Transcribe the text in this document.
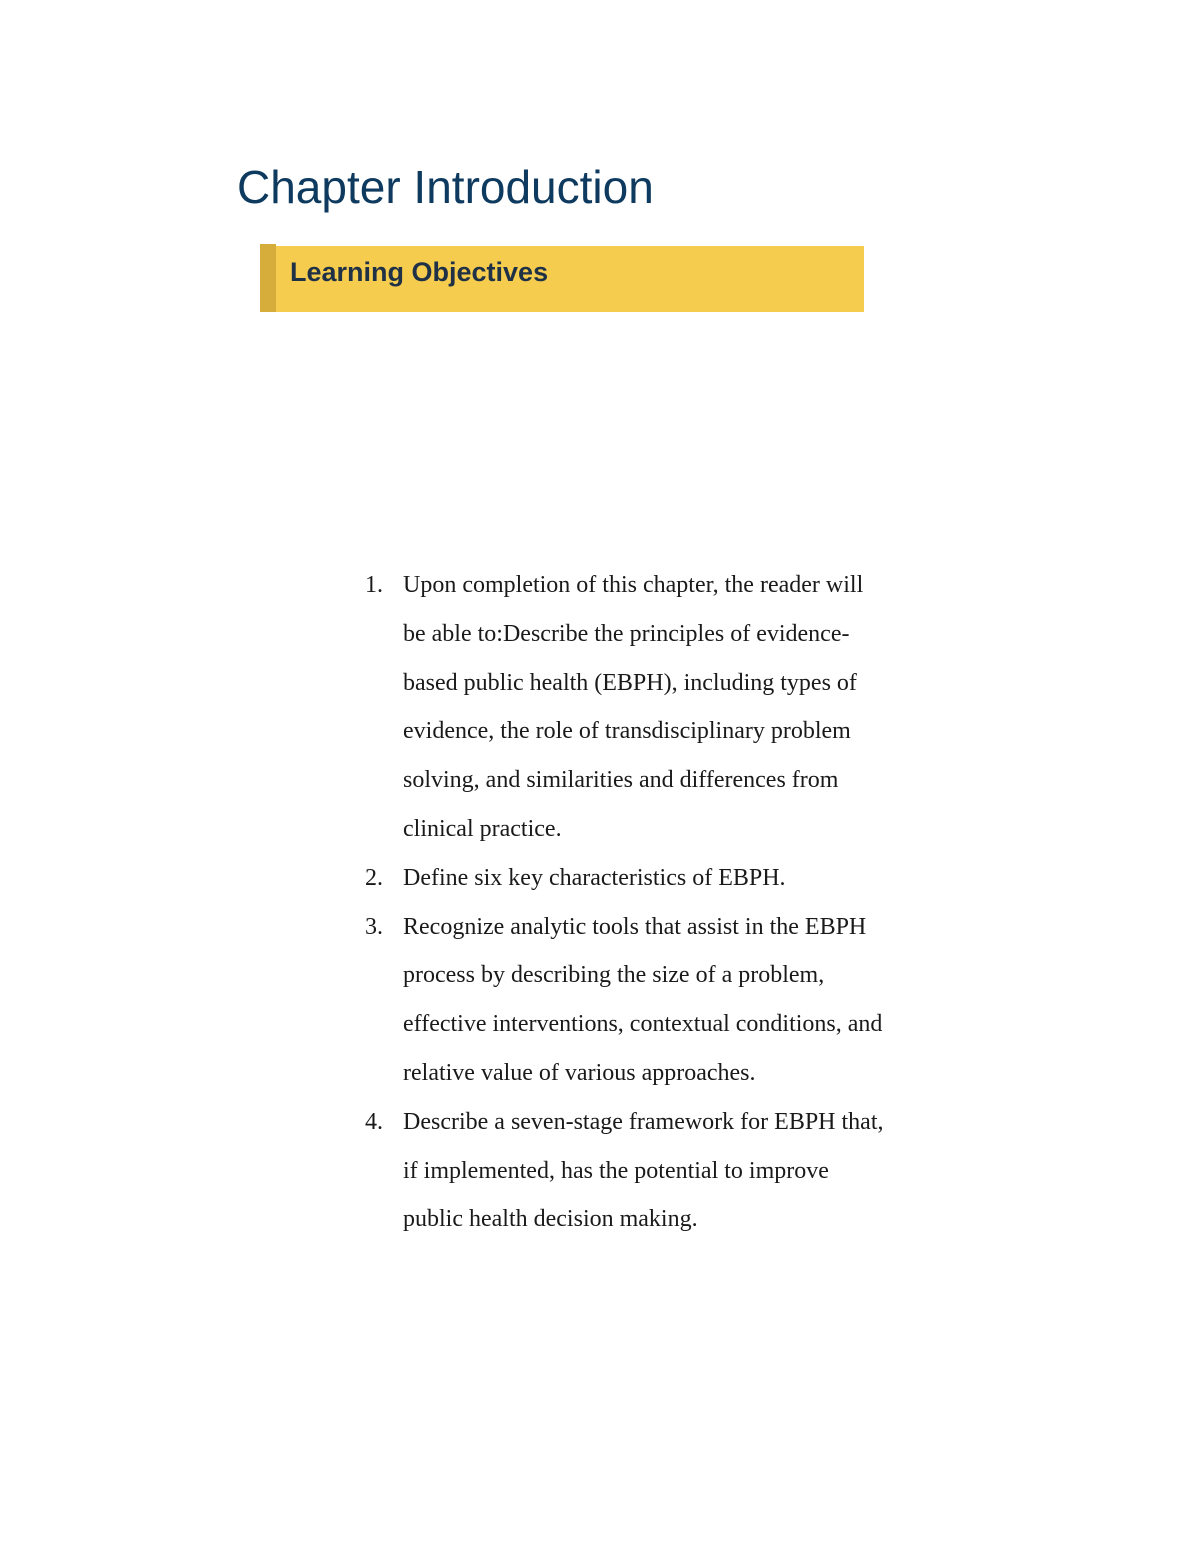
Chapter Introduction
Learning Objectives
1. Upon completion of this chapter, the reader will be able to:Describe the principles of evidence-based public health (EBPH), including types of evidence, the role of transdisciplinary problem solving, and similarities and differences from clinical practice.
2. Define six key characteristics of EBPH.
3. Recognize analytic tools that assist in the EBPH process by describing the size of a problem, effective interventions, contextual conditions, and relative value of various approaches.
4. Describe a seven-stage framework for EBPH that, if implemented, has the potential to improve public health decision making.
